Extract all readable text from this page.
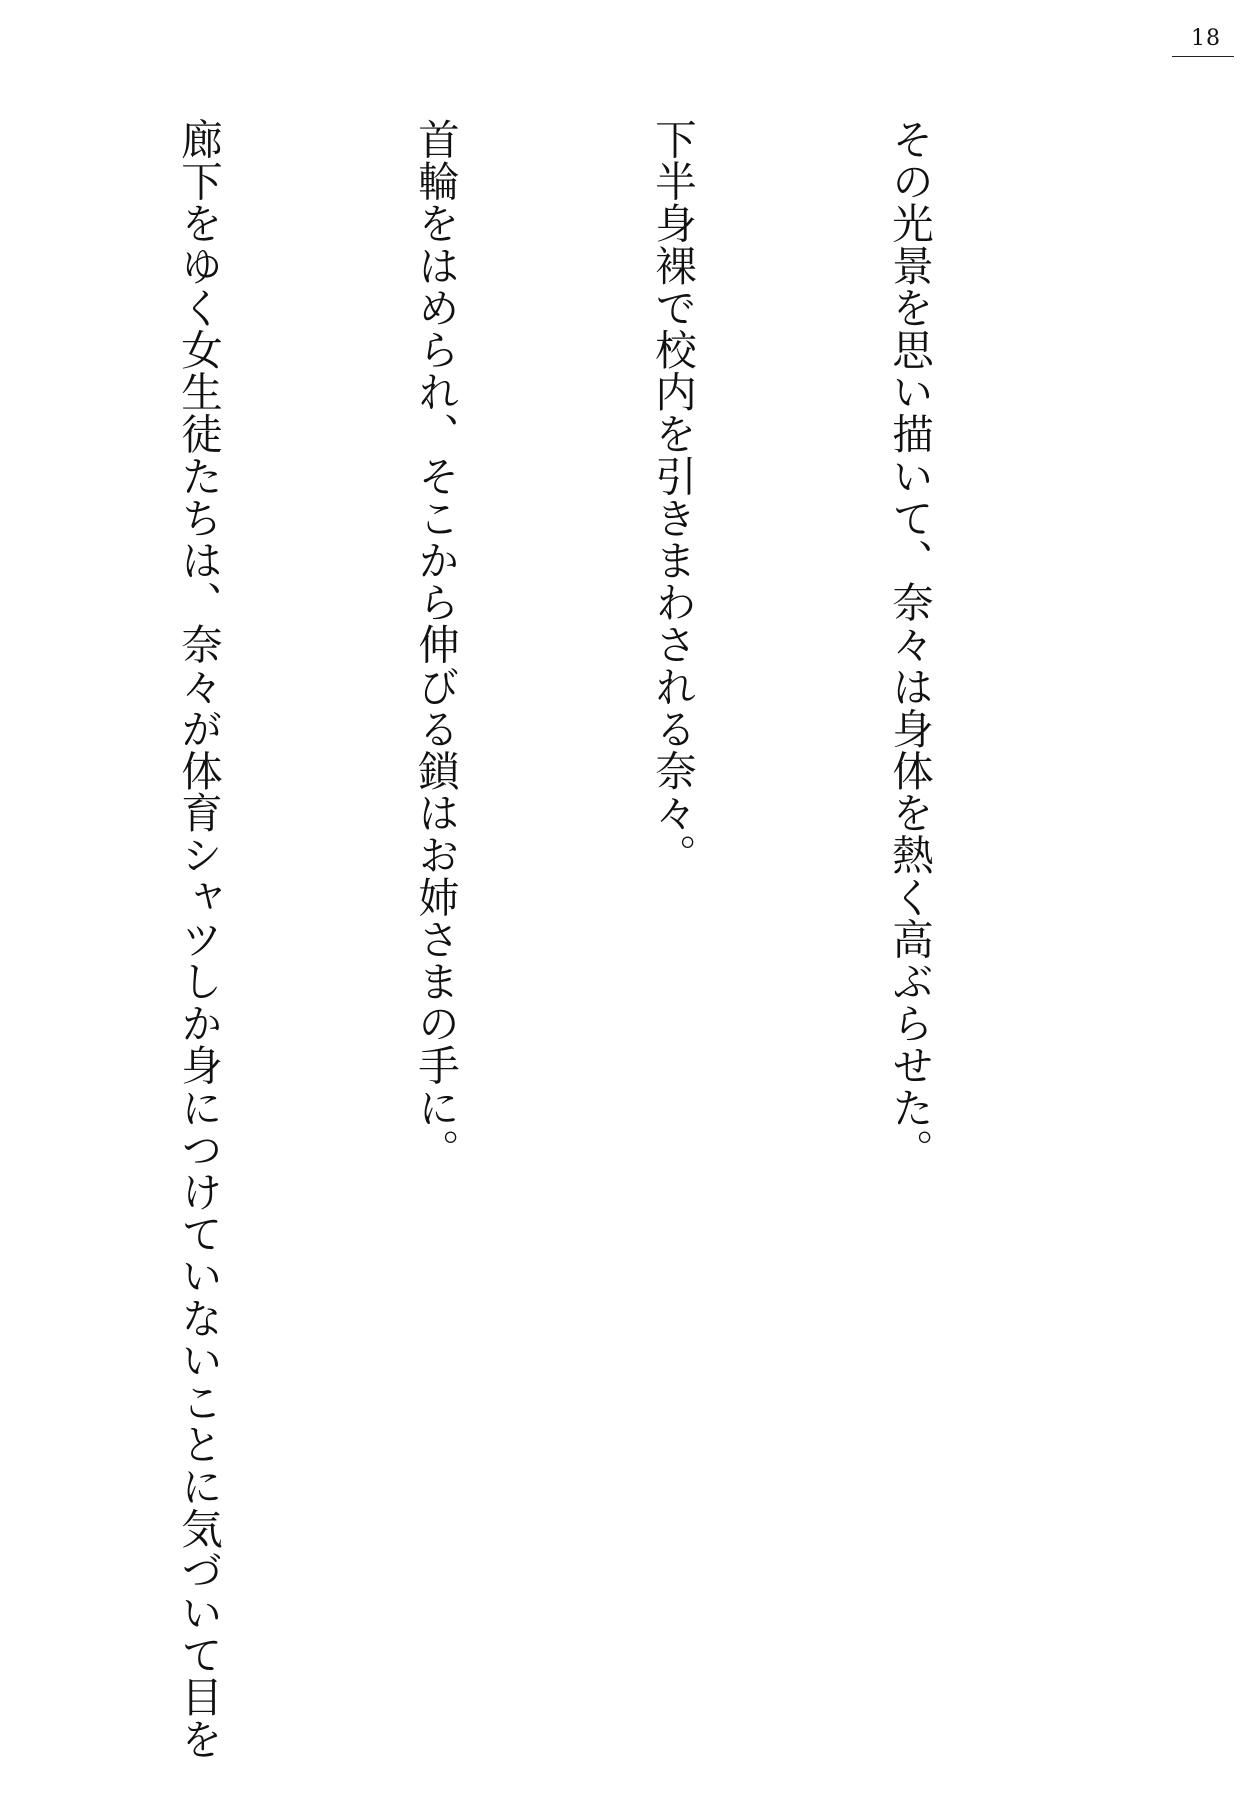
18

その光景を思い描いて、奈々は身体を熱く高ぶらせた。

下半身裸で校内を引きまわされる奈々。

首輪をはめられ、そこから伸びる鎖はお姉さまの手に。

廊下をゆく女生徒たちは、奈々が体育シャツしか身につけていないことに気づいて目を
